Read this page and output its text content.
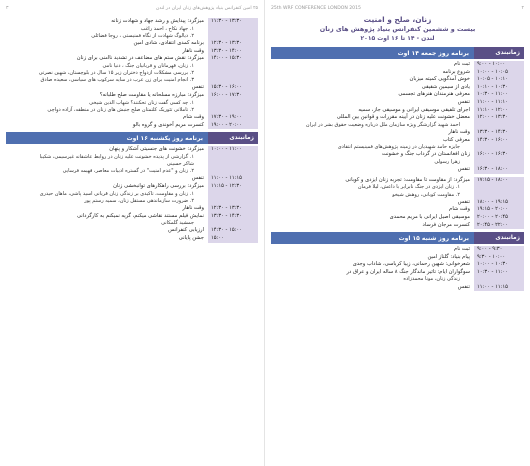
۲۵ امین کنفرانس بنیاد پژوهش‌های زنان ایران در لندن
۳
۱۱:۳۰ - ۱۳:۳۰
میزگرد: پیدایش و رشد جهاد و شهادت زنانه
۱. جهاد نکاح ، احمد راغب
۲. دیالوگ شهادت از نگاه فمنیستی ، روجا فضائلی
۱۲:۳۰ - ۱۳:۳۰
برنامه کمدی انتقادی، شادی امین
۱۳:۳۰ - ۱۴:۰۰
وقت ناهار
۱۴:۰۰ - ۱۵:۳۰
میزگرد: نقش ستم های مضاعف در تشدید ناامنی برای زنان
۱. زنان، قهرمانان و قربانیان جنگ ، دنیا نامی
۲. بررسی مشکلات ازدواج دختران زیر ۱۵ سال در بلوچستان، شهین نصرتی
۳. انجام امنیت برای زن عرب در سایه سرکوب های سیاسی، سعیده صادق
۱۵:۳۰ - ۱۶:۰۰
تنفس
۱۶:۰۰ - ۱۷:۳۰
میزگرد: مبارزه مسلحانه یا مقاومت صلح طلبانه؟
۱. چه کسی گفت زنان تحکنند؟ شهاب الدین شیخی
۲. تاملاتی تئوریک کلتمتان صلح جنبش های زنان در منطقه، آزاده دواچی
۱۷:۳۰ - ۱۹:۰۰
وقت شام
۱۹:۰۰ - ۲۰:۰۰
کنسرت مریم آخوندی و گروه بالو
زمانبندی
برنامه روز یکشنبه ۱۶ اوت
۱۰:۰۰ - ۱۱:۰۰
میزگرد: خشونت های جنسیتی آشکار و پنهان
۱. گزارشی از پدیده خشونت علیه زنان در روابط عاشقانه غیرسیمی، شکیبا
شاکر حسینی
۲. زنان و "عدم امنیت" در گستره ادبیات معاصر، فهیمه فرسایی
۱۱:۰۰ - ۱۱:۱۵
تنفس
۱۱:۱۵ - ۱۲:۳۰
میزگرد: بررسی راهکارهای توانبخشی زنان
۱. زنان و مقاومت، تاکیدی بر زندگی زنان قربانی اسید پاشی، ماهان حیدری
۲. ضرورت سازماندهی مستقل زنان، سمیه رستم پور
۱۲:۳۰ - ۱۳:۳۰
وقت ناهار
۱۳:۳۰ - ۱۴:۳۰
نمایش فیلم مستند نقاشی میکنم، گریه نمیکنم به کارگردانی
جمشید گلمکانی
۱۴:۳۰ - ۱۵:۰۰
ارزیابی کنفرانس
۱۵:۰۰
جشن پایانی
۲
25th WRF CONFERENCE LONDON 2015
زنان، صلح و امنیت
بیست و ششمین کنفرانس بنیاد پژوهش های زنان
لندن - ۱۴ تا ۱۶ اوت ۲۰۱۵
زمانبندی
برنامه روز جمعه ۱۴ اوت
۹:۰۰ - ۱۰:۰۰
ثبت نام
۱۰:۰۰ - ۱۰:۰۵
شروع برنامه
۱۰:۰۵ - ۱۰:۱۰
خوش آمدگویی کمیته میزبان
۱۰:۱۰ - ۱۰:۳۰
یادی از سیمین شقیقی
۱۰:۳۰ - ۱۱:۰۰
معرفی هنرمندان هنرهای تجسمی
۱۱:۰۰ - ۱۱:۱۰
تنفس
۱۱:۱۰ - ۱۲:۰۰
اجرای تلفیقی موسیقی ایرانی و موسیقی جاز، سمیه
۱۲:۰۰ - ۱۳:۳۰
معضل خشونت علیه زنان در آیینه مقررات و قوانین بین المللی
احمد شهید گزارشگر ویژه سازمان ملل درباره وضعیت حقوق بشر در ایران
۱۳:۳۰ - ۱۴:۳۰
وقت ناهار
۱۴:۳۰ - ۱۶:۰۰
معرفی کتاب
جایزه حامد شهیدیان در زمینه پژوهش‌های فمینیستم انتقادی
۱۶:۰۰ - ۱۶:۳۰
زنان افغانستان در گرداب جنگ و خشونت
زهرا رسولی
۱۶:۳۰ - ۱۸:۰۰
تنفس
۱۷:۱۵ - ۱۸:۰۰
میزگرد: از مقاومت تا مقاومت: تجربه زنان ایزدی و کوبانی
۱. زنان ایزدی در جنگ نابرابر با داعش، لیلا فرمان
۲. مقاومت کوبانی، روهش شیخو
۱۸:۰۰ - ۱۹:۱۵
تنفس
۱۹:۱۵ - ۲۰:۰۰
وقت شام
۲۰:۰۰ - ۲۰:۴۵
موسیقی اصیل ایرانی با مریم محمدی
۲۰:۴۵ - ۲۲:۰۰
کنسرت مرجان فرساد
زمانبندی
برنامه روز شنبه ۱۵ اوت
۹:۰۰ - ۹:۳۰
ثبت نام
۹:۳۰ - ۱۰:۰۰
پیام بنیاد: گلناز امین
۱۰:۰۰ - ۱۰:۳۰
شعرخوانی: شهین رحمانی، زیبا کرباسی، شاداب وجدی
۱۰:۳۰ - ۱۱:۰۰
سوگواران ایام: تاثیر ماندگار جنگ ۸ ساله ایران و عراق در
زندگی زنان، مونا محمدزاده
۱۱:۰۰ - ۱۱:۱۵
تنفس
